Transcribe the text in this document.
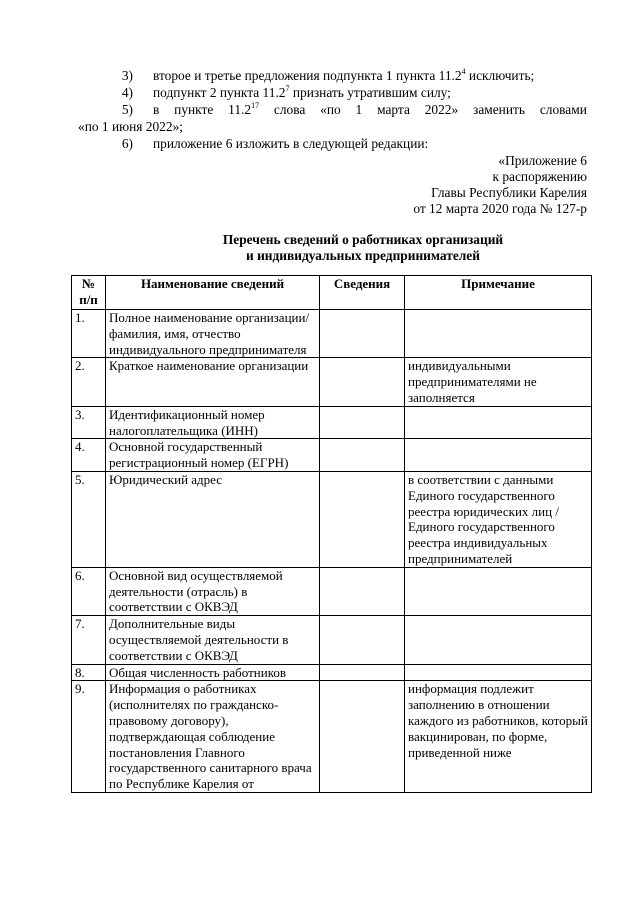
3) второе и третье предложения подпункта 1 пункта 11.2$^4$ исключить;
4) подпункт 2 пункта 11.2$^7$ признать утратившим силу;
5) в пункте 11.2$^{17}$ слова «по 1 марта 2022» заменить словами
«по 1 июня 2022»;
6) приложение 6 изложить в следующей редакции:
«Приложение 6
к распоряжению
Главы Республики Карелия
от 12 марта 2020 года № 127-р
Перечень сведений о работниках организаций
и индивидуальных предпринимателей
№ п/п	Наименование сведений	Сведения	Примечание
1.	Полное наименование организации/фамилия, имя, отчество индивидуального предпринимателя		
2.	Краткое наименование организации		индивидуальными предпринимателями не заполняется
3.	Идентификационный номер налогоплательщика (ИНН)		
4.	Основной государственный регистрационный номер (ЕГРН)		
5.	Юридический адрес		в соответствии с данными Единого государственного реестра юридических лиц /Единого государственного реестра индивидуальных предпринимателей
6.	Основной вид осуществляемой деятельности (отрасль) в соответствии с ОКВЭД		
7.	Дополнительные виды осуществляемой деятельности в соответствии с ОКВЭД		
8.	Общая численность работников		
9.	Информация о работниках (исполнителях по гражданско-правовому договору), подтверждающая соблюдение постановления Главного государственного санитарного врача по Республике Карелия от		информация подлежит заполнению в отношении каждого из работников, который вакцинирован, по форме, приведенной ниже
